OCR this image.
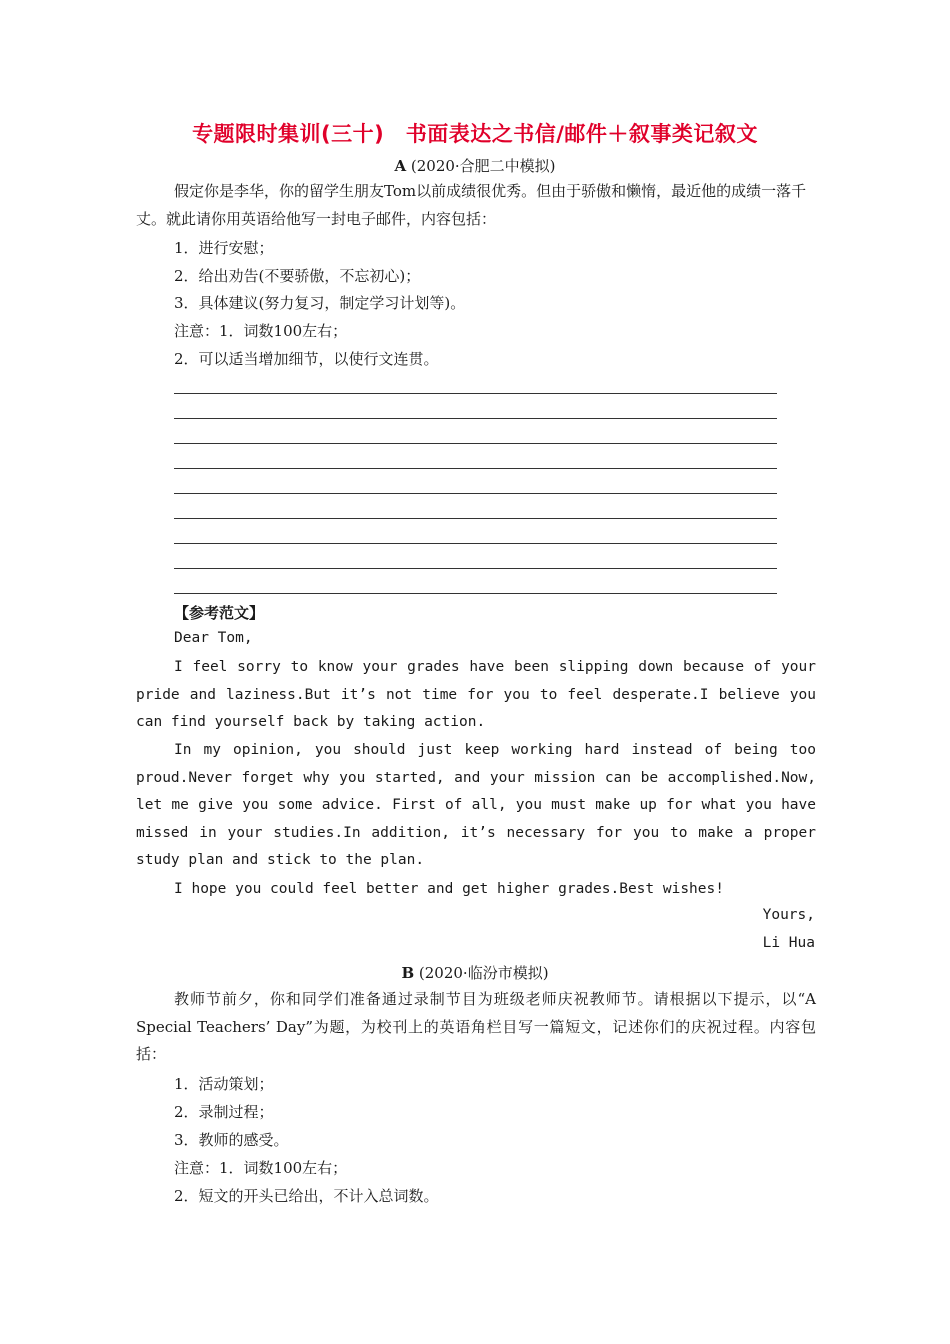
专题限时集训(三十)　书面表达之书信/邮件＋叙事类记叙文
A (2020·合肥二中模拟)

假定你是李华，你的留学生朋友Tom以前成绩很优秀。但由于骄傲和懒惰，最近他的成绩一落千丈。就此请你用英语给他写一封电子邮件，内容包括：

1．进行安慰；
2．给出劝告(不要骄傲，不忘初心)；
3．具体建议(努力复习，制定学习计划等)。
注意：1．词数100左右；
2．可以适当增加细节，以使行文连贯。
【参考范文】
Dear Tom,

I feel sorry to know your grades have been slipping down because of your pride and laziness.But it’s not time for you to feel desperate.I believe you can find yourself back by taking action.

In my opinion, you should just keep working hard instead of being too proud.Never forget why you started, and your mission can be accomplished.Now, let me give you some advice. First of all, you must make up for what you have missed in your studies.In addition, it’s necessary for you to make a proper study plan and stick to the plan.

I hope you could feel better and get higher grades.Best wishes!

Yours,
Li Hua
B (2020·临汾市模拟)

教师节前夕，你和同学们准备通过录制节目为班级老师庆祝教师节。请根据以下提示，以“A Special Teachers’ Day”为题，为校刊上的英语角栏目写一篇短文，记述你们的庆祝过程。内容包括：

1．活动策划；
2．录制过程；
3．教师的感受。
注意：1．词数100左右；
2．短文的开头已给出，不计入总词数。
